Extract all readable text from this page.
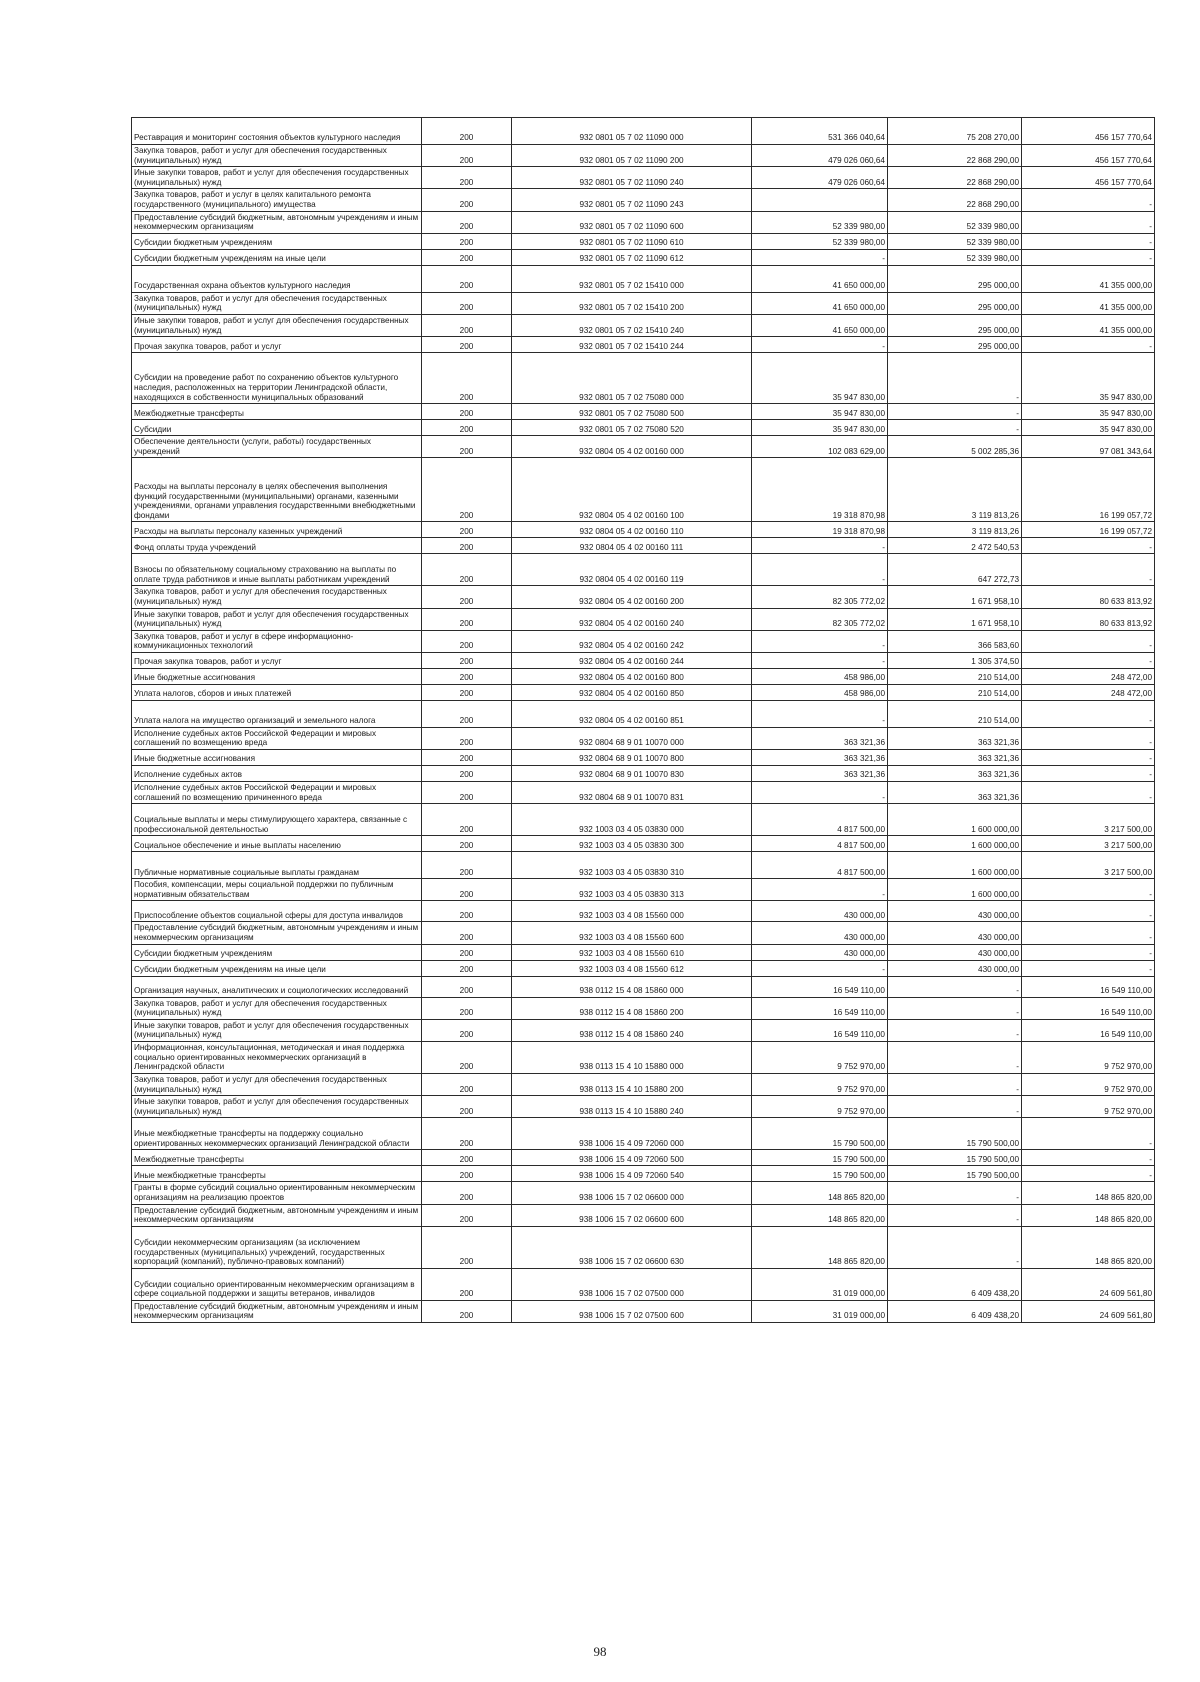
Реставрация и мониторинг состояния объектов культурного наследия	200	932 0801 05 7 02 11090 000	531 366 040,64	75 208 270,00	456 157 770,64
Закупка товаров, работ и услуг для обеспечения государственных (муниципальных) нужд	200	932 0801 05 7 02 11090 200	479 026 060,64	22 868 290,00	456 157 770,64
Иные закупки товаров, работ и услуг для обеспечения государственных (муниципальных) нужд	200	932 0801 05 7 02 11090 240	479 026 060,64	22 868 290,00	456 157 770,64
Закупка товаров, работ и услуг в целях капитального ремонта государственного (муниципального) имущества	200	932 0801 05 7 02 11090 243		22 868 290,00	-
Предоставление субсидий бюджетным, автономным учреждениям и иным некоммерческим организациям	200	932 0801 05 7 02 11090 600	52 339 980,00	52 339 980,00	-
Субсидии бюджетным учреждениям	200	932 0801 05 7 02 11090 610	52 339 980,00	52 339 980,00	-
Субсидии бюджетным учреждениям на иные цели	200	932 0801 05 7 02 11090 612	-	52 339 980,00	-
Государственная охрана объектов культурного наследия	200	932 0801 05 7 02 15410 000	41 650 000,00	295 000,00	41 355 000,00
Закупка товаров, работ и услуг для обеспечения государственных (муниципальных) нужд	200	932 0801 05 7 02 15410 200	41 650 000,00	295 000,00	41 355 000,00
Иные закупки товаров, работ и услуг для обеспечения государственных (муниципальных) нужд	200	932 0801 05 7 02 15410 240	41 650 000,00	295 000,00	41 355 000,00
Прочая закупка товаров, работ и услуг	200	932 0801 05 7 02 15410 244	-	295 000,00	-
Субсидии на проведение работ по сохранению объектов культурного наследия, расположенных на территории Ленинградской области, находящихся в собственности муниципальных образований	200	932 0801 05 7 02 75080 000	35 947 830,00	-	35 947 830,00
Межбюджетные трансферты	200	932 0801 05 7 02 75080 500	35 947 830,00	-	35 947 830,00
Субсидии	200	932 0801 05 7 02 75080 520	35 947 830,00	-	35 947 830,00
Обеспечение деятельности (услуги, работы) государственных учреждений	200	932 0804 05 4 02 00160 000	102 083 629,00	5 002 285,36	97 081 343,64
Расходы на выплаты персоналу в целях обеспечения выполнения функций государственными (муниципальными) органами, казенными учреждениями, органами управления государственными внебюджетными фондами	200	932 0804 05 4 02 00160 100	19 318 870,98	3 119 813,26	16 199 057,72
Расходы на выплаты персоналу казенных учреждений	200	932 0804 05 4 02 00160 110	19 318 870,98	3 119 813,26	16 199 057,72
Фонд оплаты труда учреждений	200	932 0804 05 4 02 00160 111	-	2 472 540,53	-
Взносы по обязательному социальному страхованию на выплаты по оплате труда работников и иные выплаты работникам учреждений	200	932 0804 05 4 02 00160 119	-	647 272,73	-
Закупка товаров, работ и услуг для обеспечения государственных (муниципальных) нужд	200	932 0804 05 4 02 00160 200	82 305 772,02	1 671 958,10	80 633 813,92
Иные закупки товаров, работ и услуг для обеспечения государственных (муниципальных) нужд	200	932 0804 05 4 02 00160 240	82 305 772,02	1 671 958,10	80 633 813,92
Закупка товаров, работ и услуг в сфере информационно-коммуникационных технологий	200	932 0804 05 4 02 00160 242	-	366 583,60	-
Прочая закупка товаров, работ и услуг	200	932 0804 05 4 02 00160 244	-	1 305 374,50	-
Иные бюджетные ассигнования	200	932 0804 05 4 02 00160 800	458 986,00	210 514,00	248 472,00
Уплата налогов, сборов и иных платежей	200	932 0804 05 4 02 00160 850	458 986,00	210 514,00	248 472,00
Уплата налога на имущество организаций и земельного налога	200	932 0804 05 4 02 00160 851	-	210 514,00	-
Исполнение судебных актов Российской Федерации и мировых соглашений по возмещению вреда	200	932 0804 68 9 01 10070 000	363 321,36	363 321,36	-
Иные бюджетные ассигнования	200	932 0804 68 9 01 10070 800	363 321,36	363 321,36	-
Исполнение судебных актов	200	932 0804 68 9 01 10070 830	363 321,36	363 321,36	-
Исполнение судебных актов Российской Федерации и мировых соглашений по возмещению причиненного вреда	200	932 0804 68 9 01 10070 831	-	363 321,36	-
Социальные выплаты и меры стимулирующего характера, связанные с профессиональной деятельностью	200	932 1003 03 4 05 03830 000	4 817 500,00	1 600 000,00	3 217 500,00
Социальное обеспечение и иные выплаты населению	200	932 1003 03 4 05 03830 300	4 817 500,00	1 600 000,00	3 217 500,00
Публичные нормативные социальные выплаты гражданам	200	932 1003 03 4 05 03830 310	4 817 500,00	1 600 000,00	3 217 500,00
Пособия, компенсации, меры социальной поддержки по публичным нормативным обязательствам	200	932 1003 03 4 05 03830 313	-	1 600 000,00	-
Приспособление объектов социальной сферы для доступа инвалидов	200	932 1003 03 4 08 15560 000	430 000,00	430 000,00	-
Предоставление субсидий бюджетным, автономным учреждениям и иным некоммерческим организациям	200	932 1003 03 4 08 15560 600	430 000,00	430 000,00	-
Субсидии бюджетным учреждениям	200	932 1003 03 4 08 15560 610	430 000,00	430 000,00	-
Субсидии бюджетным учреждениям на иные цели	200	932 1003 03 4 08 15560 612	-	430 000,00	-
Организация научных, аналитических и социологических исследований	200	938 0112 15 4 08 15860 000	16 549 110,00	-	16 549 110,00
Закупка товаров, работ и услуг для обеспечения государственных (муниципальных) нужд	200	938 0112 15 4 08 15860 200	16 549 110,00	-	16 549 110,00
Иные закупки товаров, работ и услуг для обеспечения государственных (муниципальных) нужд	200	938 0112 15 4 08 15860 240	16 549 110,00	-	16 549 110,00
Информационная, консультационная, методическая и иная поддержка социально ориентированных некоммерческих организаций в Ленинградской области	200	938 0113 15 4 10 15880 000	9 752 970,00	-	9 752 970,00
Закупка товаров, работ и услуг для обеспечения государственных (муниципальных) нужд	200	938 0113 15 4 10 15880 200	9 752 970,00	-	9 752 970,00
Иные закупки товаров, работ и услуг для обеспечения государственных (муниципальных) нужд	200	938 0113 15 4 10 15880 240	9 752 970,00	-	9 752 970,00
Иные межбюджетные трансферты на поддержку социально ориентированных некоммерческих организаций Ленинградской области	200	938 1006 15 4 09 72060 000	15 790 500,00	15 790 500,00	-
Межбюджетные трансферты	200	938 1006 15 4 09 72060 500	15 790 500,00	15 790 500,00	-
Иные межбюджетные трансферты	200	938 1006 15 4 09 72060 540	15 790 500,00	15 790 500,00	-
Гранты в форме субсидий социально ориентированным некоммерческим организациям на реализацию проектов	200	938 1006 15 7 02 06600 000	148 865 820,00	-	148 865 820,00
Предоставление субсидий бюджетным, автономным учреждениям и иным некоммерческим организациям	200	938 1006 15 7 02 06600 600	148 865 820,00	-	148 865 820,00
Субсидии некоммерческим организациям (за исключением государственных (муниципальных) учреждений, государственных корпораций (компаний), публично-правовых компаний)	200	938 1006 15 7 02 06600 630	148 865 820,00	-	148 865 820,00
Субсидии социально ориентированным некоммерческим организациям в сфере социальной поддержки и защиты ветеранов, инвалидов	200	938 1006 15 7 02 07500 000	31 019 000,00	6 409 438,20	24 609 561,80
Предоставление субсидий бюджетным, автономным учреждениям и иным некоммерческим организациям	200	938 1006 15 7 02 07500 600	31 019 000,00	6 409 438,20	24 609 561,80
98
